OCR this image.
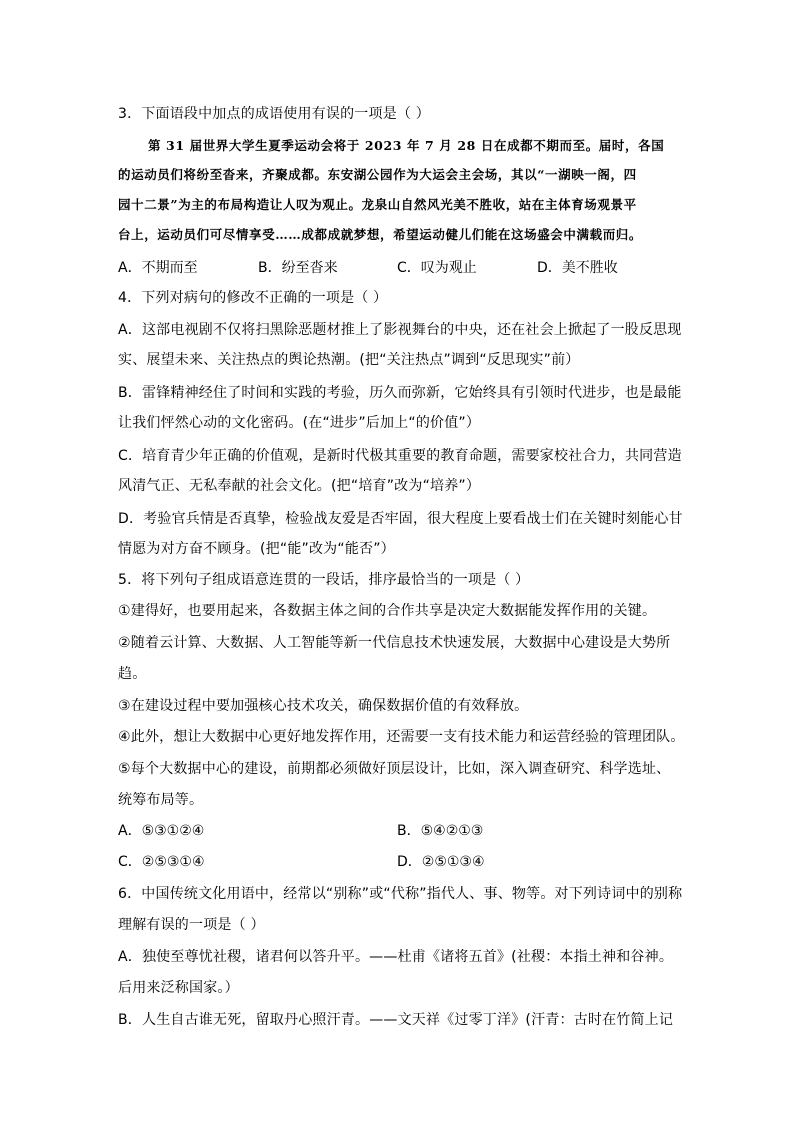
3．下面语段中加点的成语使用有误的一项是（ ）
第 31 届世界大学生夏季运动会将于 2023 年 7 月 28 日在成都不期而至。届时，各国
的运动员们将纷至沓来，齐聚成都。东安湖公园作为大运会主会场，其以“一湖映一阁，四
园十二景”为主的布局构造让人叹为观止。龙泉山自然风光美不胜收，站在主体育场观景平
台上，运动员们可尽情享受……成都成就梦想，希望运动健儿们能在这场盛会中满载而归。
A．不期而至	B．纷至沓来	C．叹为观止	D．美不胜收
4．下列对病句的修改不正确的一项是（ ）
A．这部电视剧不仅将扫黑除恶题材推上了影视舞台的中央，还在社会上掀起了一股反思现
实、展望未来、关注热点的舆论热潮。(把“关注热点”调到“反思现实”前）
B．雷锋精神经住了时间和实践的考验，历久而弥新，它始终具有引领时代进步，也是最能
让我们怦然心动的文化密码。(在“进步”后加上“的价值”）
C．培育青少年正确的价值观，是新时代极其重要的教育命题，需要家校社合力，共同营造
风清气正、无私奉献的社会文化。(把“培育”改为“培养”）
D．考验官兵情是否真挚，检验战友爱是否牢固，很大程度上要看战士们在关键时刻能心甘
情愿为对方奋不顾身。(把“能”改为“能否”）
5．将下列句子组成语意连贯的一段话，排序最恰当的一项是（ ）
①建得好，也要用起来，各数据主体之间的合作共享是决定大数据能发挥作用的关键。
②随着云计算、大数据、人工智能等新一代信息技术快速发展，大数据中心建设是大势所
趋。
③在建设过程中要加强核心技术攻关，确保数据价值的有效释放。
④此外，想让大数据中心更好地发挥作用，还需要一支有技术能力和运营经验的管理团队。
⑤每个大数据中心的建设，前期都必须做好顶层设计，比如，深入调查研究、科学选址、
统筹布局等。
A．⑤③①②④	B．⑤④②①③
C．②⑤③①④	D．②⑤①③④
6．中国传统文化用语中，经常以“别称”或“代称”指代人、事、物等。对下列诗词中的别称
理解有误的一项是（ ）
A．独使至尊忧社稷，诸君何以答升平。——杜甫《诸将五首》(社稷：本指土神和谷神。
后用来泛称国家。）
B．人生自古谁无死，留取丹心照汗青。——文天祥《过零丁洋》(汗青：古时在竹简上记
